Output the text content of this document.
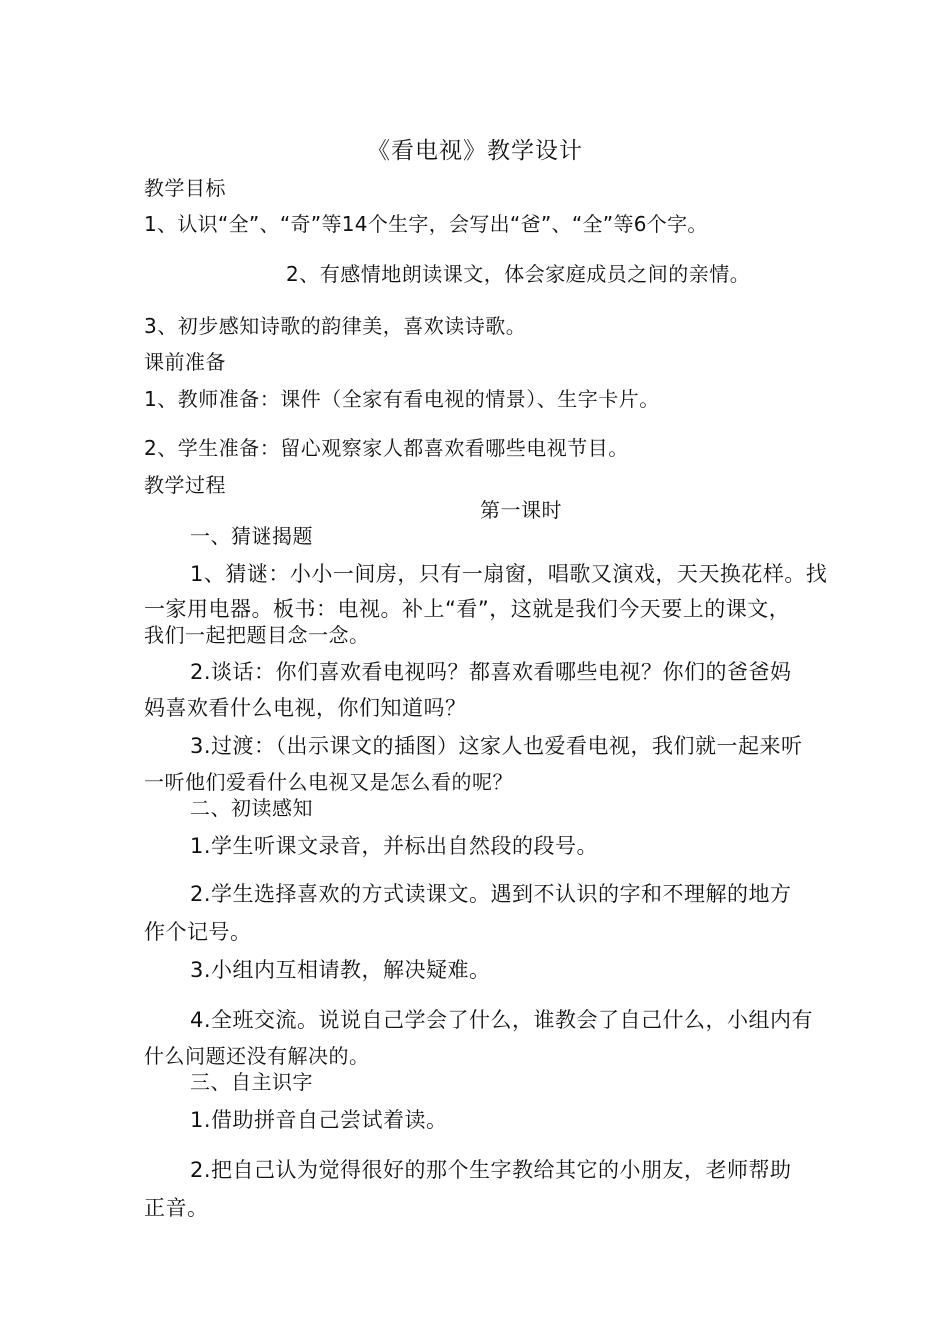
《看电视》教学设计
教学目标
1、认识“全”、“奇”等14个生字，会写出“爸”、“全”等6个字。
2、有感情地朗读课文，体会家庭成员之间的亲情。
3、初步感知诗歌的韵律美，喜欢读诗歌。
课前准备
1、教师准备：课件（全家有看电视的情景）、生字卡片。
2、学生准备：留心观察家人都喜欢看哪些电视节目。
教学过程
第一课时
一、猜谜揭题
1、猜谜：小小一间房，只有一扇窗，唱歌又演戏，天天换花样。找
一家用电器。板书：电视。补上“看”，这就是我们今天要上的课文，
我们一起把题目念一念。
2.谈话：你们喜欢看电视吗？都喜欢看哪些电视？你们的爸爸妈
妈喜欢看什么电视，你们知道吗？
3.过渡：（出示课文的插图）这家人也爱看电视，我们就一起来听
一听他们爱看什么电视又是怎么看的呢？
二、初读感知
1.学生听课文录音，并标出自然段的段号。
2.学生选择喜欢的方式读课文。遇到不认识的字和不理解的地方
作个记号。
3.小组内互相请教，解决疑难。
4.全班交流。说说自己学会了什么，谁教会了自己什么，小组内有
什么问题还没有解决的。
三、自主识字
1.借助拼音自己尝试着读。
2.把自己认为觉得很好的那个生字教给其它的小朋友，老师帮助
正音。
